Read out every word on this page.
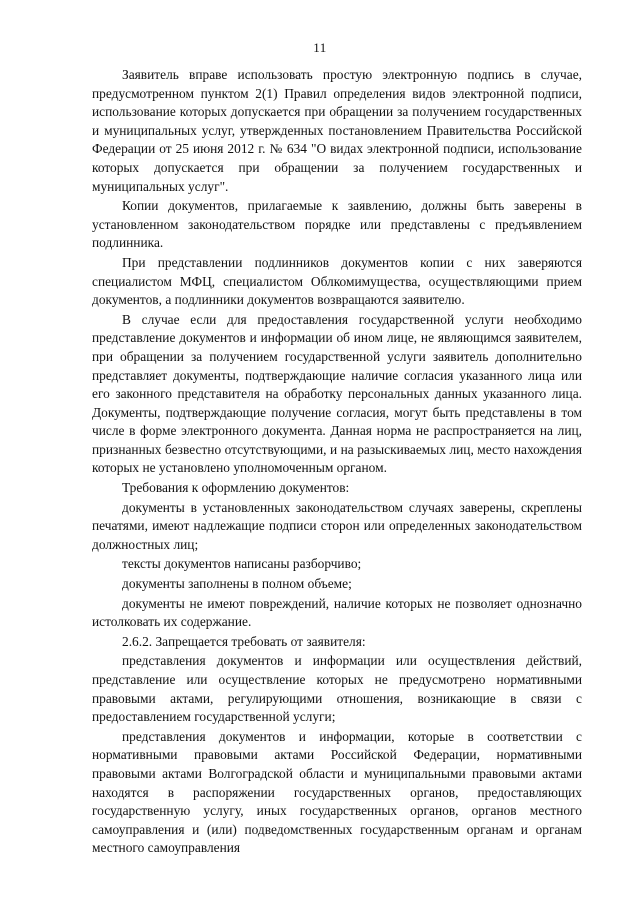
11

Заявитель вправе использовать простую электронную подпись в случае, предусмотренном пунктом 2(1) Правил определения видов электронной подписи, использование которых допускается при обращении за получением государственных и муниципальных услуг, утвержденных постановлением Правительства Российской Федерации от 25 июня 2012 г. № 634 "О видах электронной подписи, использование которых допускается при обращении за получением государственных и муниципальных услуг".

Копии документов, прилагаемые к заявлению, должны быть заверены в установленном законодательством порядке или представлены с предъявлением подлинника.

При представлении подлинников документов копии с них заверяются специалистом МФЦ, специалистом Облкомимущества, осуществляющими прием документов, а подлинники документов возвращаются заявителю.

В случае если для предоставления государственной услуги необходимо представление документов и информации об ином лице, не являющимся заявителем, при обращении за получением государственной услуги заявитель дополнительно представляет документы, подтверждающие наличие согласия указанного лица или его законного представителя на обработку персональных данных указанного лица. Документы, подтверждающие получение согласия, могут быть представлены в том числе в форме электронного документа. Данная норма не распространяется на лиц, признанных безвестно отсутствующими, и на разыскиваемых лиц, место нахождения которых не установлено уполномоченным органом.

Требования к оформлению документов:

документы в установленных законодательством случаях заверены, скреплены печатями, имеют надлежащие подписи сторон или определенных законодательством должностных лиц;

тексты документов написаны разборчиво;

документы заполнены в полном объеме;

документы не имеют повреждений, наличие которых не позволяет однозначно истолковать их содержание.

2.6.2. Запрещается требовать от заявителя:

представления документов и информации или осуществления действий, представление или осуществление которых не предусмотрено нормативными правовыми актами, регулирующими отношения, возникающие в связи с предоставлением государственной услуги;

представления документов и информации, которые в соответствии с нормативными правовыми актами Российской Федерации, нормативными правовыми актами Волгоградской области и муниципальными правовыми актами находятся в распоряжении государственных органов, предоставляющих государственную услугу, иных государственных органов, органов местного самоуправления и (или) подведомственных государственным органам и органам местного самоуправления
